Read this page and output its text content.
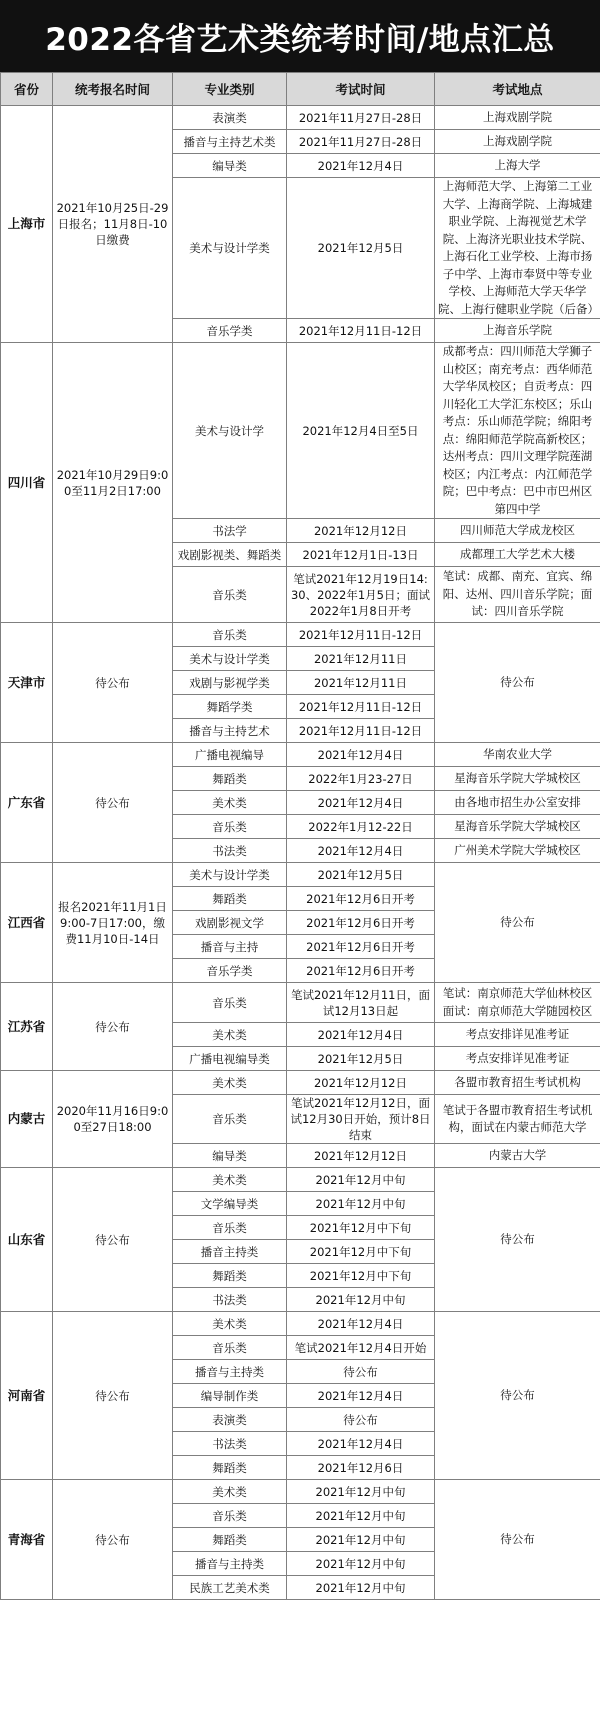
2022各省艺术类统考时间/地点汇总
省份	统考报名时间	专业类别	考试时间	考试地点
上海市	2021年10月25日-29日报名；11月8日-10日缴费	表演类	2021年11月27日-28日	上海戏剧学院
		播音与主持艺术类	2021年11月27日-28日	上海戏剧学院
		编导类	2021年12月4日	上海大学
		美术与设计学类	2021年12月5日	上海师范大学、上海第二工业大学、上海商学院、上海城建职业学院、上海视觉艺术学院、上海济光职业技术学院、上海石化工业学校、上海市扬子中学、上海市奉贤中等专业学校、上海师范大学天华学院、上海行健职业学院（后备）
		音乐学类	2021年12月11日-12日	上海音乐学院
四川省	2021年10月29日9:00至11月2日17:00	美术与设计学	2021年12月4日至5日	成都考点：四川师范大学狮子山校区；南充考点：西华师范大学华凤校区；自贡考点：四川轻化工大学汇东校区；乐山考点：乐山师范学院；绵阳考点：绵阳师范学院高新校区；达州考点：四川文理学院莲湖校区；内江考点：内江师范学院；巴中考点：巴中市巴州区第四中学
		书法学	2021年12月12日	四川师范大学成龙校区
		戏剧影视类、舞蹈类	2021年12月1日-13日	成都理工大学艺术大楼
		音乐类	笔试2021年12月19日14:30、2022年1月5日；面试2022年1月8日开考	笔试：成都、南充、宜宾、绵阳、达州、四川音乐学院；面试：四川音乐学院
天津市	待公布	音乐类	2021年12月11日-12日	待公布
		美术与设计学类	2021年12月11日	
		戏剧与影视学类	2021年12月11日	
		舞蹈学类	2021年12月11日-12日	
		播音与主持艺术	2021年12月11日-12日	
广东省	待公布	广播电视编导	2021年12月4日	华南农业大学
		舞蹈类	2022年1月23-27日	星海音乐学院大学城校区
		美术类	2021年12月4日	由各地市招生办公室安排
		音乐类	2022年1月12-22日	星海音乐学院大学城校区
		书法类	2021年12月4日	广州美术学院大学城校区
江西省	报名2021年11月1日9:00-7日17:00，缴费11月10日-14日	美术与设计学类	2021年12月5日	待公布
		舞蹈类	2021年12月6日开考	
		戏剧影视文学	2021年12月6日开考	
		播音与主持	2021年12月6日开考	
		音乐学类	2021年12月6日开考	
江苏省	待公布	音乐类	笔试2021年12月11日，面试12月13日起	笔试：南京师范大学仙林校区 面试：南京师范大学随园校区
		美术类	2021年12月4日	考点安排详见准考证
		广播电视编导类	2021年12月5日	考点安排详见准考证
内蒙古	2020年11月16日9:00至27日18:00	美术类	2021年12月12日	各盟市教育招生考试机构
		音乐类	笔试2021年12月12日，面试12月30日开始，预计8日结束	笔试于各盟市教育招生考试机构，面试在内蒙古师范大学
		编导类	2021年12月12日	内蒙古大学
山东省	待公布	美术类	2021年12月中旬	待公布
		文学编导类	2021年12月中旬	
		音乐类	2021年12月中下旬	
		播音主持类	2021年12月中下旬	
		舞蹈类	2021年12月中下旬	
		书法类	2021年12月中旬	
河南省	待公布	美术类	2021年12月4日	待公布
		音乐类	笔试2021年12月4日开始	
		播音与主持类	待公布	
		编导制作类	2021年12月4日	
		表演类	待公布	
		书法类	2021年12月4日	
		舞蹈类	2021年12月6日	
青海省	待公布	美术类	2021年12月中旬	待公布
		音乐类	2021年12月中旬	
		舞蹈类	2021年12月中旬	
		播音与主持类	2021年12月中旬	
		民族工艺美术类	2021年12月中旬	
